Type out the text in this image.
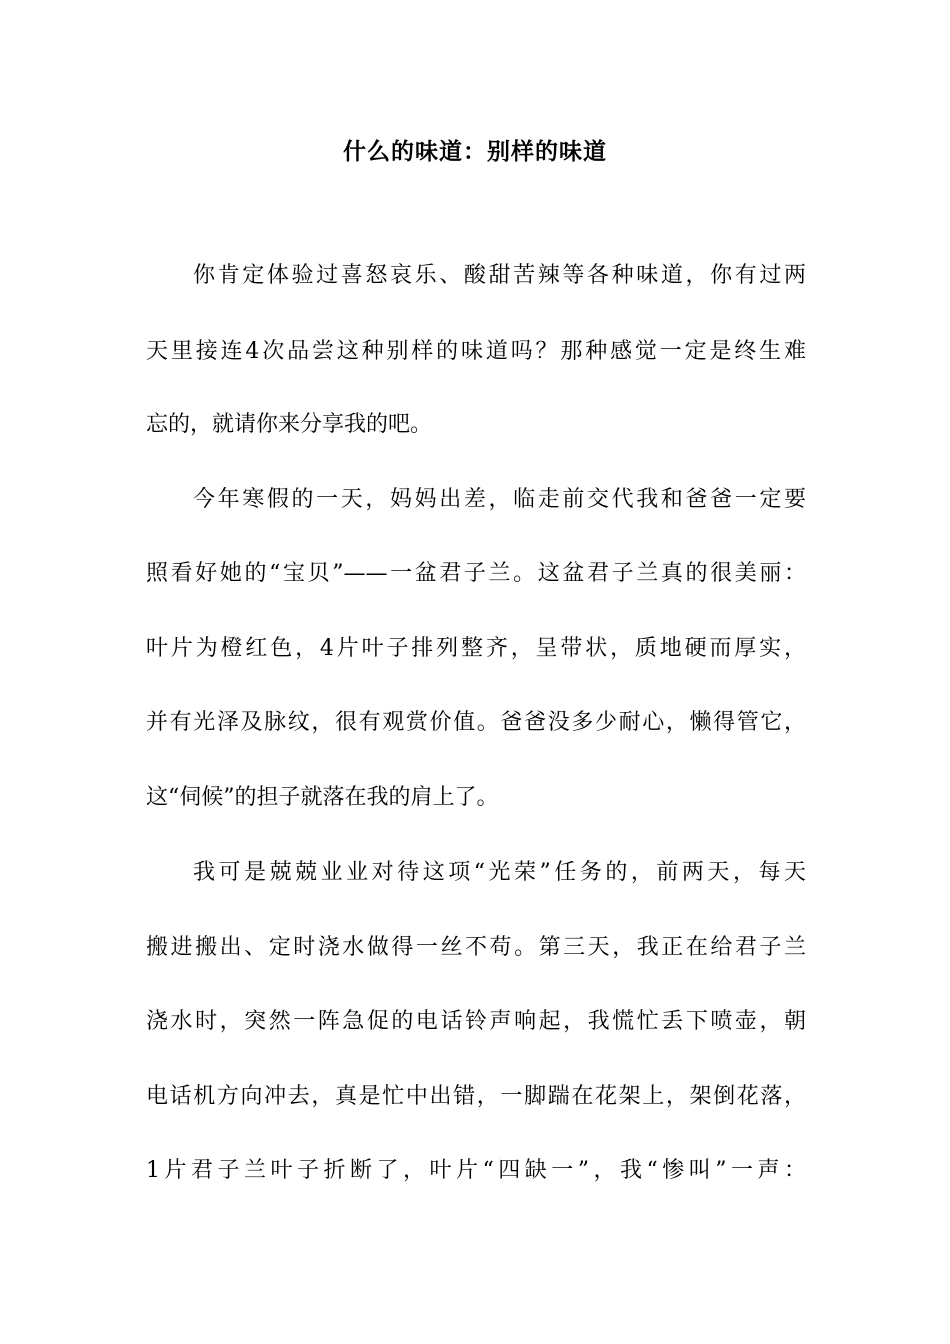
什么的味道：别样的味道
你肯定体验过喜怒哀乐、酸甜苦辣等各种味道，你有过两
天里接连4次品尝这种别样的味道吗？那种感觉一定是终生难
忘的，就请你来分享我的吧。
今年寒假的一天，妈妈出差，临走前交代我和爸爸一定要
照看好她的“宝贝”——一盆君子兰。这盆君子兰真的很美丽：
叶片为橙红色，4片叶子排列整齐，呈带状，质地硬而厚实，
并有光泽及脉纹，很有观赏价值。爸爸没多少耐心，懒得管它，
这“伺候”的担子就落在我的肩上了。
我可是兢兢业业对待这项“光荣”任务的，前两天，每天
搬进搬出、定时浇水做得一丝不苟。第三天，我正在给君子兰
浇水时，突然一阵急促的电话铃声响起，我慌忙丢下喷壶，朝
电话机方向冲去，真是忙中出错，一脚踹在花架上，架倒花落，
1片君子兰叶子折断了，叶片“四缺一”，我“惨叫”一声：
